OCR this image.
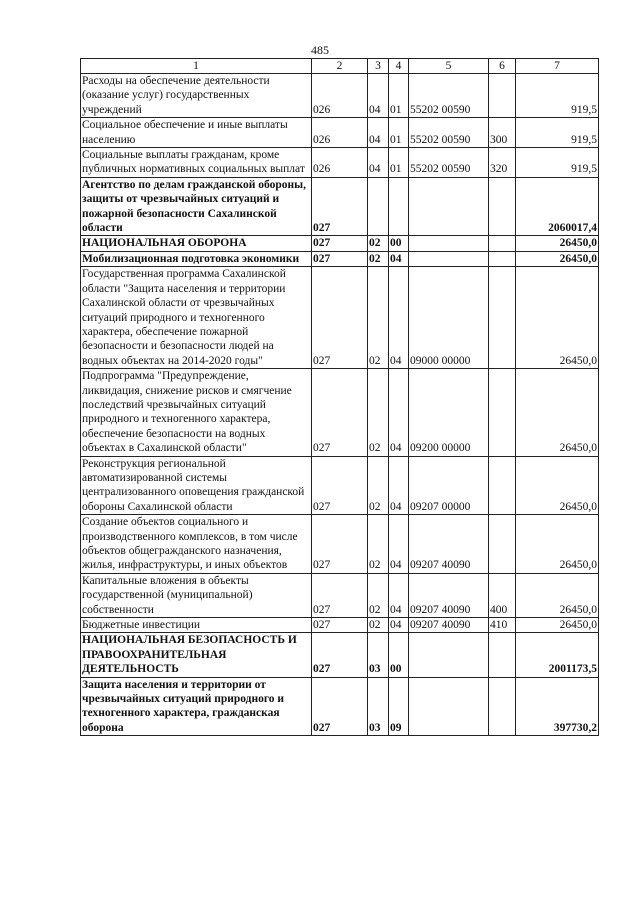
485
1	2	3	4	5	6	7
Расходы на обеспечение деятельности (оказание услуг) государственных учреждений	026	04	01	55202 00590		919,5
Социальное обеспечение и иные выплаты населению	026	04	01	55202 00590	300	919,5
Социальные выплаты гражданам, кроме публичных нормативных социальных выплат	026	04	01	55202 00590	320	919,5
Агентство по делам гражданской обороны, защиты от чрезвычайных ситуаций и пожарной безопасности Сахалинской области	027					2060017,4
НАЦИОНАЛЬНАЯ ОБОРОНА	027	02	00			26450,0
Мобилизационная подготовка экономики	027	02	04			26450,0
Государственная программа Сахалинской области "Защита населения и территории Сахалинской области от чрезвычайных ситуаций природного и техногенного характера, обеспечение пожарной безопасности и безопасности людей на водных объектах на 2014-2020 годы"	027	02	04	09000 00000		26450,0
Подпрограмма "Предупреждение, ликвидация, снижение рисков и смягчение последствий чрезвычайных ситуаций природного и техногенного характера, обеспечение безопасности на водных объектах в Сахалинской области"	027	02	04	09200 00000		26450,0
Реконструкция региональной автоматизированной системы централизованного оповещения гражданской обороны Сахалинской области	027	02	04	09207 00000		26450,0
Создание объектов социального и производственного комплексов, в том числе объектов общегражданского назначения, жилья, инфраструктуры, и иных объектов	027	02	04	09207 40090		26450,0
Капитальные вложения в объекты государственной (муниципальной) собственности	027	02	04	09207 40090	400	26450,0
Бюджетные инвестиции	027	02	04	09207 40090	410	26450,0
НАЦИОНАЛЬНАЯ БЕЗОПАСНОСТЬ И ПРАВООХРАНИТЕЛЬНАЯ ДЕЯТЕЛЬНОСТЬ	027	03	00			2001173,5
Защита населения и территории от чрезвычайных ситуаций природного и техногенного характера, гражданская оборона	027	03	09			397730,2
